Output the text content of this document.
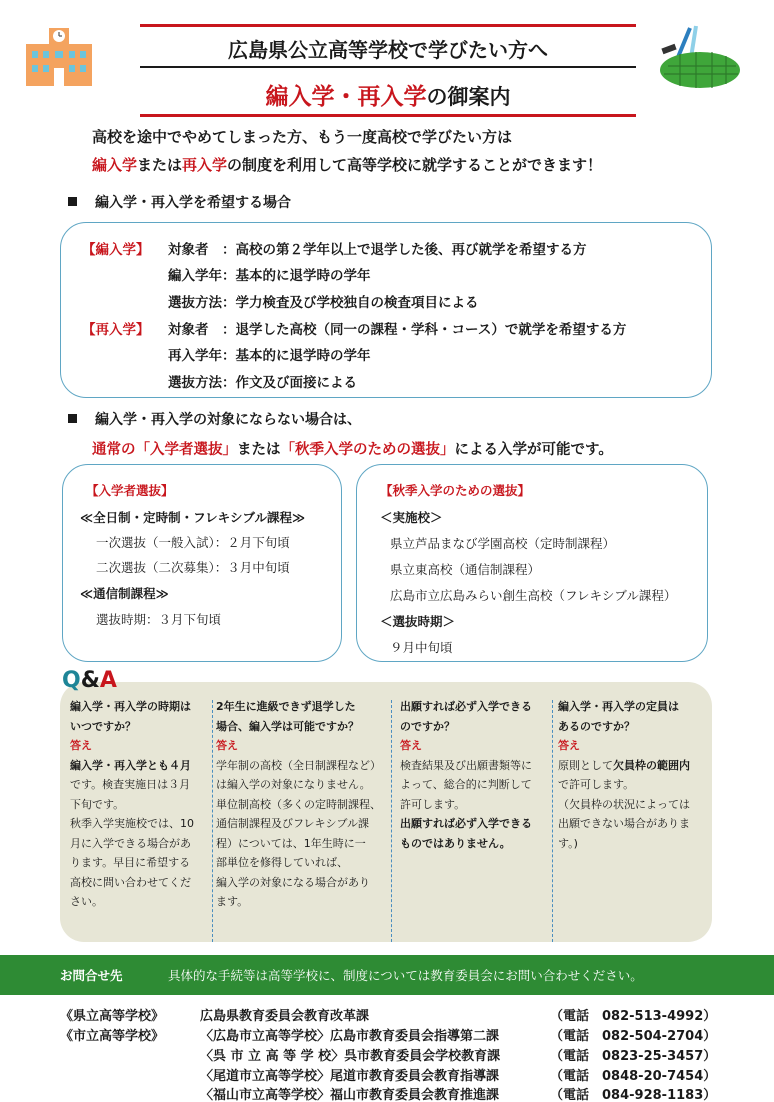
広島県公立高等学校で学びたい方へ
編入学・再入学の御案内
高校を途中でやめてしまった方、もう一度高校で学びたい方は
編入学または再入学の制度を利用して高等学校に就学することができます！
編入学・再入学を希望する場合
【編入学】 対象者　：高校の第２学年以上で退学した後、再び就学を希望する方
編入学年：基本的に退学時の学年
選抜方法：学力検査及び学校独自の検査項目による
【再入学】 対象者　：退学した高校（同一の課程・学科・コース）で就学を希望する方
再入学年：基本的に退学時の学年
選抜方法：作文及び面接による
編入学・再入学の対象にならない場合は、
通常の「入学者選抜」または「秋季入学のための選抜」による入学が可能です。
【入学者選抜】
≪全日制・定時制・フレキシブル課程≫
一次選抜（一般入試）：２月下旬頃
二次選抜（二次募集）：３月中旬頃
≪通信制課程≫
選抜時期：３月下旬頃
【秋季入学のための選抜】
＜実施校＞
県立芦品まなび学園高校（定時制課程）
県立東高校（通信制課程）
広島市立広島みらい創生高校（フレキシブル課程）
＜選抜時期＞
９月中旬頃
Q&A
編入学・再入学の時期は
いつですか？
答え
編入学・再入学とも４月
です。検査実施日は３月
下旬です。
秋季入学実施校では、10
月に入学できる場合があ
ります。早目に希望する
高校に問い合わせてくだ
さい。
2年生に進級できず退学した
場合、編入学は可能ですか？
答え
学年制の高校（全日制課程など）
は編入学の対象になりません。
単位制高校（多くの定時制課程、
通信制課程及びフレキシブル課
程）については、1年生時に一
部単位を修得していれば、
編入学の対象になる場合があり
ます。
出願すれば必ず入学できる
のですか？
答え
検査結果及び出願書類等に
よって、総合的に判断して
許可します。
出願すれば必ず入学できる
ものではありません。
編入学・再入学の定員は
あるのですか？
答え
原則として欠員枠の範囲内
で許可します。
（欠員枠の状況によっては
出願できない場合がありま
す。)
お問合せ先	具体的な手続等は高等学校に、制度については教育委員会にお問い合わせください。
《県立高等学校》	広島県教育委員会教育改革課	（電話　082-513-4992）
《市立高等学校》	〈広島市立高等学校〉広島市教育委員会指導第二課	（電話　082-504-2704）
〈呉 市 立 高 等 学 校〉呉市教育委員会学校教育課	（電話　0823-25-3457）
〈尾道市立高等学校〉尾道市教育委員会教育指導課	（電話　0848-20-7454）
〈福山市立高等学校〉福山市教育委員会教育推進課	（電話　084-928-1183）
